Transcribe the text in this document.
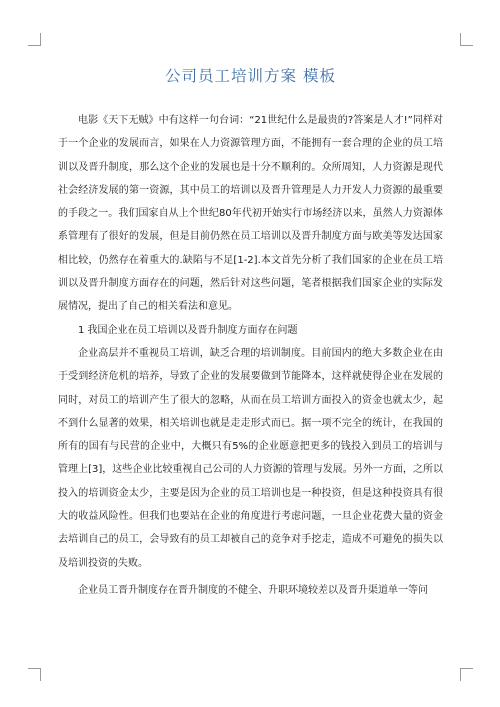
公司员工培训方案 模板

电影《天下无贼》中有这样一句台词：“21世纪什么是最贵的?答案是人才!”同样对于一个企业的发展而言，如果在人力资源管理方面，不能拥有一套合理的企业的员工培训以及晋升制度，那么这个企业的发展也是十分不顺利的。众所周知，人力资源是现代社会经济发展的第一资源，其中员工的培训以及晋升管理是人力开发人力资源的最重要的手段之一。我们国家自从上个世纪80年代初开始实行市场经济以来，虽然人力资源体系管理有了很好的发展，但是目前仍然在员工培训以及晋升制度方面与欧美等发达国家相比较，仍然存在着重大的.缺陷与不足[1-2].本文首先分析了我们国家的企业在员工培训以及晋升制度方面存在的问题，然后针对这些问题，笔者根据我们国家企业的实际发展情况，提出了自己的相关看法和意见。

1 我国企业在员工培训以及晋升制度方面存在问题

企业高层并不重视员工培训，缺乏合理的培训制度。目前国内的绝大多数企业在由于受到经济危机的培养，导致了企业的发展要做到节能降本，这样就使得企业在发展的同时，对员工的培训产生了很大的忽略，从而在员工培训方面投入的资金也就太少，起不到什么显著的效果，相关培训也就是走走形式而已。据一项不完全的统计，在我国的所有的国有与民营的企业中，大概只有5%的企业愿意把更多的钱投入到员工的培训与管理上[3]，这些企业比较重视自己公司的人力资源的管理与发展。另外一方面，之所以投入的培训资金太少，主要是因为企业的员工培训也是一种投资，但是这种投资具有很大的收益风险性。但我们也要站在企业的角度进行考虑问题，一旦企业花费大量的资金去培训自己的员工，会导致有的员工却被自己的竞争对手挖走，造成不可避免的损失以及培训投资的失败。

企业员工晋升制度存在晋升制度的不健全、升职环境较差以及晋升渠道单一等问
